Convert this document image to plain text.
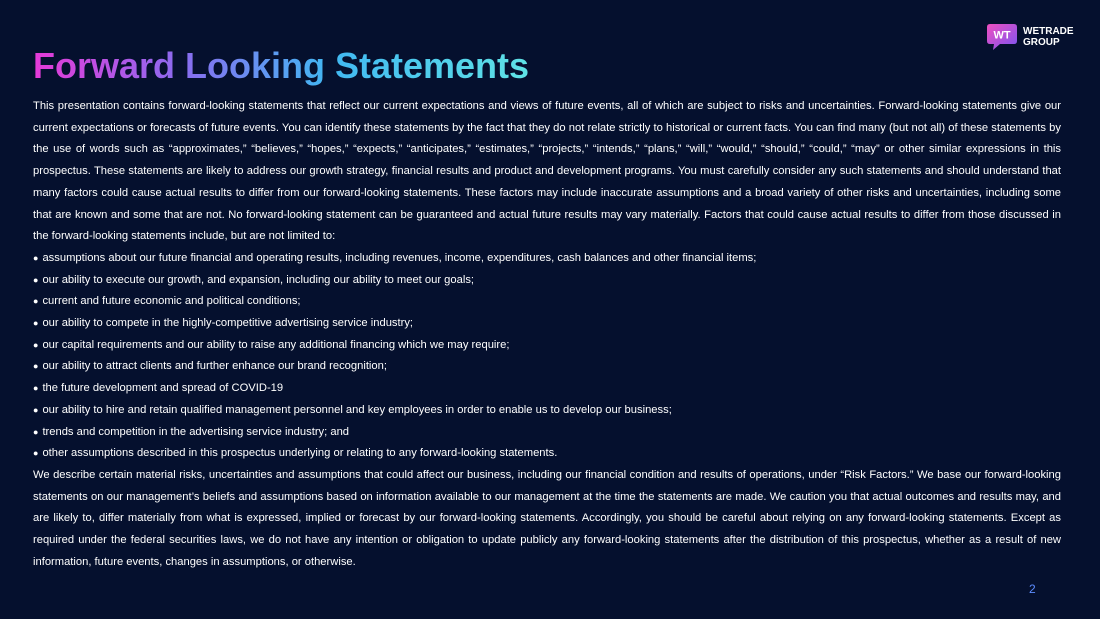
Forward Looking Statements
WT WETRADE
GROUP

This presentation contains forward-looking statements that reflect our current expectations and views of future events, all of which are subject to risks and uncertainties. Forward-looking statements give our current expectations or forecasts of future events. You can identify these statements by the fact that they do not relate strictly to historical or current facts. You can find many (but not all) of these statements by the use of words such as “approximates,” “believes,” “hopes,” “expects,” “anticipates,” “estimates,” “projects,” “intends,” “plans,” “will,” “would,” “should,” “could,” “may” or other similar expressions in this prospectus. These statements are likely to address our growth strategy, financial results and product and development programs. You must carefully consider any such statements and should understand that many factors could cause actual results to differ from our forward-looking statements. These factors may include inaccurate assumptions and a broad variety of other risks and uncertainties, including some that are known and some that are not. No forward-looking statement can be guaranteed and actual future results may vary materially. Factors that could cause actual results to differ from those discussed in the forward-looking statements include, but are not limited to:

● assumptions about our future financial and operating results, including revenues, income, expenditures, cash balances and other financial items;
● our ability to execute our growth, and expansion, including our ability to meet our goals;
● current and future economic and political conditions;
● our ability to compete in the highly-competitive advertising service industry;
● our capital requirements and our ability to raise any additional financing which we may require;
● our ability to attract clients and further enhance our brand recognition;
● the future development and spread of COVID-19
● our ability to hire and retain qualified management personnel and key employees in order to enable us to develop our business;
● trends and competition in the advertising service industry; and
● other assumptions described in this prospectus underlying or relating to any forward-looking statements.

We describe certain material risks, uncertainties and assumptions that could affect our business, including our financial condition and results of operations, under “Risk Factors.” We base our forward-looking statements on our management’s beliefs and assumptions based on information available to our management at the time the statements are made. We caution you that actual outcomes and results may, and are likely to, differ materially from what is expressed, implied or forecast by our forward-looking statements. Accordingly, you should be careful about relying on any forward-looking statements. Except as required under the federal securities laws, we do not have any intention or obligation to update publicly any forward-looking statements after the distribution of this prospectus, whether as a result of new information, future events, changes in assumptions, or otherwise.

2
